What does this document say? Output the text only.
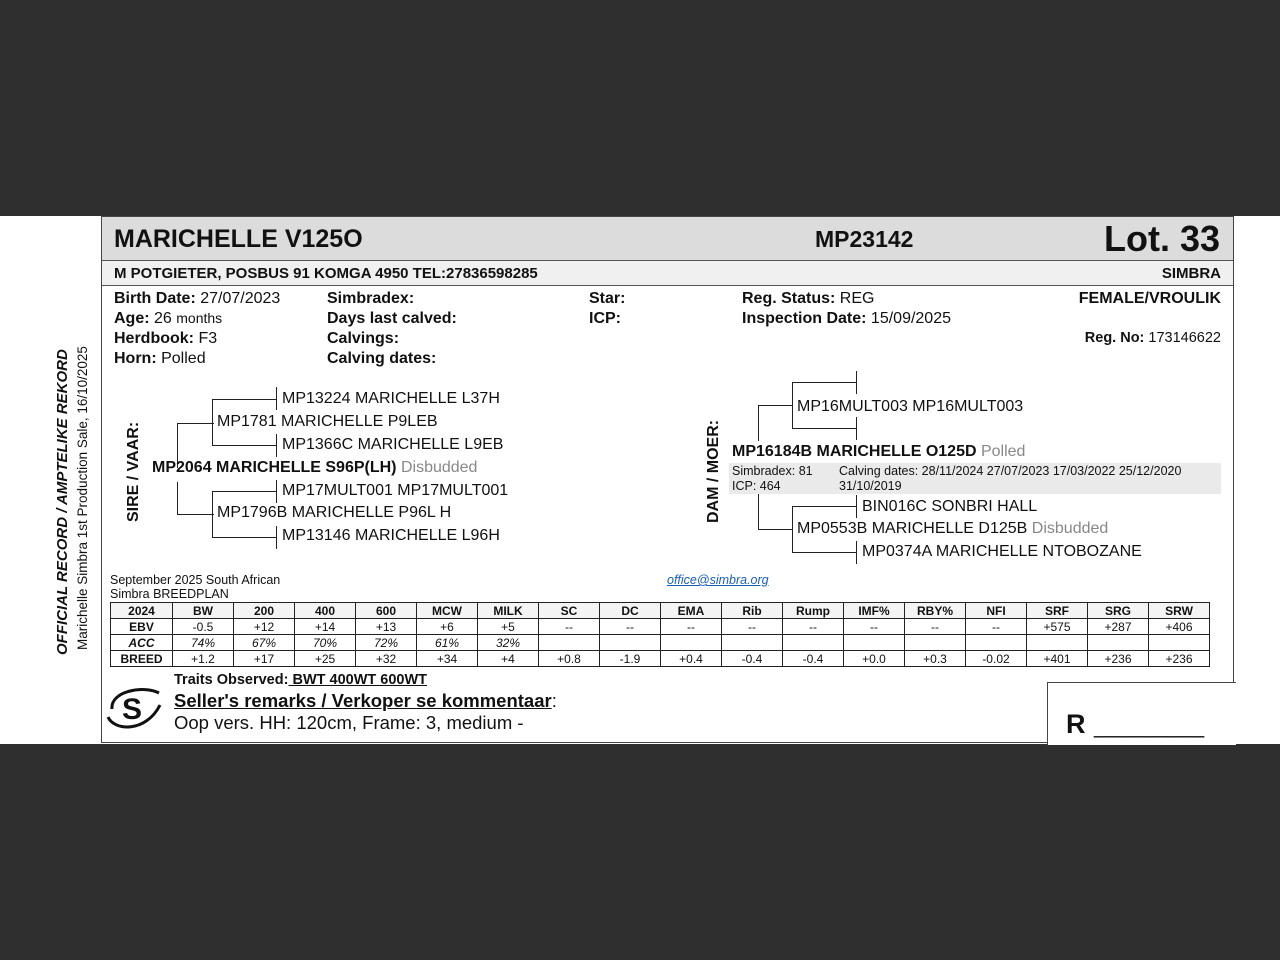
OFFICIAL RECORD / AMPTELIKE REKORD Marichelle Simbra 1st Production Sale, 16/10/2025
MARICHELLE V125O	MP23142	Lot. 33
M POTGIETER, POSBUS 91 KOMGA 4950 TEL:27836598285	SIMBRA
Birth Date: 27/07/2023
Age: 26 months
Herdbook: F3
Horn: Polled
Simbradex:
Days last calved:
Calvings:
Calving dates:
Star:
ICP:
Reg. Status: REG
Inspection Date: 15/09/2025
FEMALE/VROULIK
Reg. No: 173146622
SIRE / VAAR:
MP13224 MARICHELLE L37H
MP1781 MARICHELLE P9LEB
MP1366C MARICHELLE L9EB
MP2064 MARICHELLE S96P(LH) Disbudded
MP17MULT001 MP17MULT001
MP1796B MARICHELLE P96L H
MP13146 MARICHELLE L96H
DAM / MOER:
MP16MULT003 MP16MULT003
MP16184B MARICHELLE O125D Polled
Simbradex: 81
ICP: 464
Calving dates: 28/11/2024 27/07/2023 17/03/2022 25/12/2020
31/10/2019
BIN016C SONBRI HALL
MP0553B MARICHELLE D125B Disbudded
MP0374A MARICHELLE NTOBOZANE
September 2025 South African
Simbra BREEDPLAN
office@simbra.org
2024	BW	200	400	600	MCW	MILK	SC	DC	EMA	Rib	Rump	IMF%	RBY%	NFI	SRF	SRG	SRW
EBV	-0.5	+12	+14	+13	+6	+5	--	--	--	--	--	--	--	--	+575	+287	+406
ACC	74%	67%	70%	72%	61%	32%											
BREED	+1.2	+17	+25	+32	+34	+4	+0.8	-1.9	+0.4	-0.4	-0.4	+0.0	+0.3	-0.02	+401	+236	+236
S
Traits Observed: BWT 400WT 600WT
Seller's remarks / Verkoper se kommentaar:
Oop vers. HH: 120cm, Frame: 3, medium -	R _________
